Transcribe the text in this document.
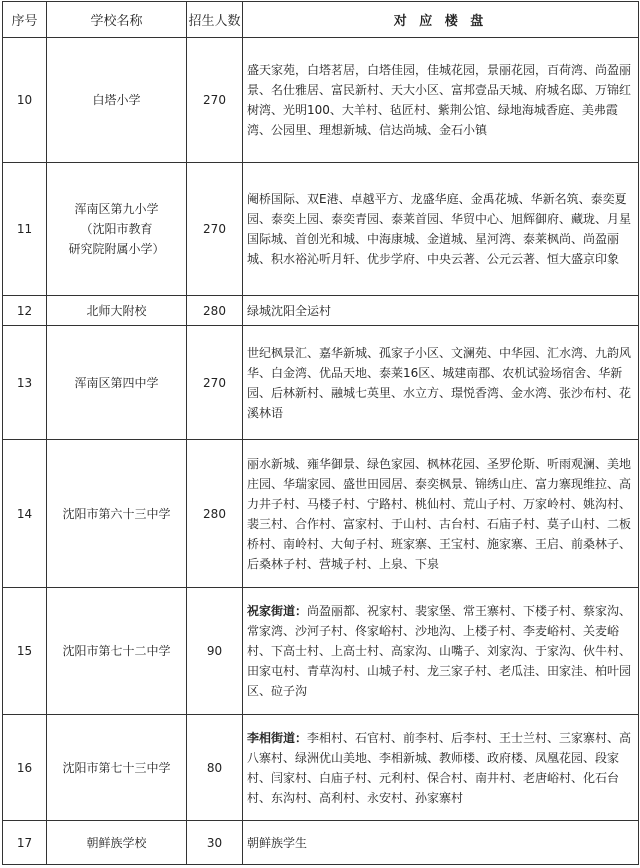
序号	学校名称	招生人数	对 应 楼 盘
10	白塔小学	270	盛天家苑，白塔茗居，白塔佳园，佳城花园，景丽花园，百荷湾、尚盈丽景、名仕雅居、富民新村、天大小区、富邦壹品天城、府城名邸、万锦红树湾、光明100、大羊村、毡匠村、紫荆公馆、绿地海城香庭、美弗霞湾、公园里、理想新城、信达尚城、金石小镇
11	浑南区第九小学
（沈阳市教育
研究院附属小学）	270	阉桥国际、双E港、卓越平方、龙盛华庭、金禹花城、华新名筑、泰奕夏园、泰奕上园、泰奕青园、泰莱首园、华贸中心、旭辉御府、藏珑、月星国际城、首创光和城、中海康城、金道城、星河湾、泰莱枫尚、尚盈丽城、积水裕沁听月轩、优步学府、中央云著、公元云著、恒大盛京印象
12	北师大附校	280	绿城沈阳全运村
13	浑南区第四中学	270	世纪枫景汇、嘉华新城、孤家子小区、文澜苑、中华园、汇水湾、九韵风华、白金湾、优品天地、泰莱16区、城建南郡、农机试验场宿舍、华新园、后林新村、融城七英里、水立方、璟悦香湾、金水湾、张沙布村、花溪林语
14	沈阳市第六十三中学	280	丽水新城、雍华御景、绿色家园、枫林花园、圣罗伦斯、听雨观澜、美地庄园、华瑞家园、盛世田园居、泰奕枫景、锦绣山庄、富力寨现维拉、高力井子村、马楼子村、宁路村、桃仙村、荒山子村、万家岭村、姚沟村、裴三村、合作村、富家村、于山村、古台村、石庙子村、莫子山村、二板桥村、南岭村、大甸子村、班家寨、王宝村、施家寨、王启、前桑林子、后桑林子村、营城子村、上泉、下泉
15	沈阳市第七十二中学	90	祝家街道：尚盈丽都、祝家村、裴家堡、常王寨村、下楼子村、蔡家沟、常家湾、沙河子村、佟家峪村、沙地沟、上楼子村、李麦峪村、关麦峪村、下高士村、上高士村、高家沟、山嘴子、刘家沟、于家沟、伙牛村、田家屯村、青草沟村、山城子村、龙三家子村、老瓜洼、田家洼、柏叶园区、砬子沟
16	沈阳市第七十三中学	80	李相街道：李相村、石官村、前李村、后李村、王士兰村、三家寨村、高八寨村、绿洲优山美地、李相新城、教师楼、政府楼、凤凰花园、段家村、闫家村、白庙子村、元利村、保合村、南井村、老唐峪村、化石台村、东沟村、高利村、永安村、孙家寨村
17	朝鲜族学校	30	朝鲜族学生
